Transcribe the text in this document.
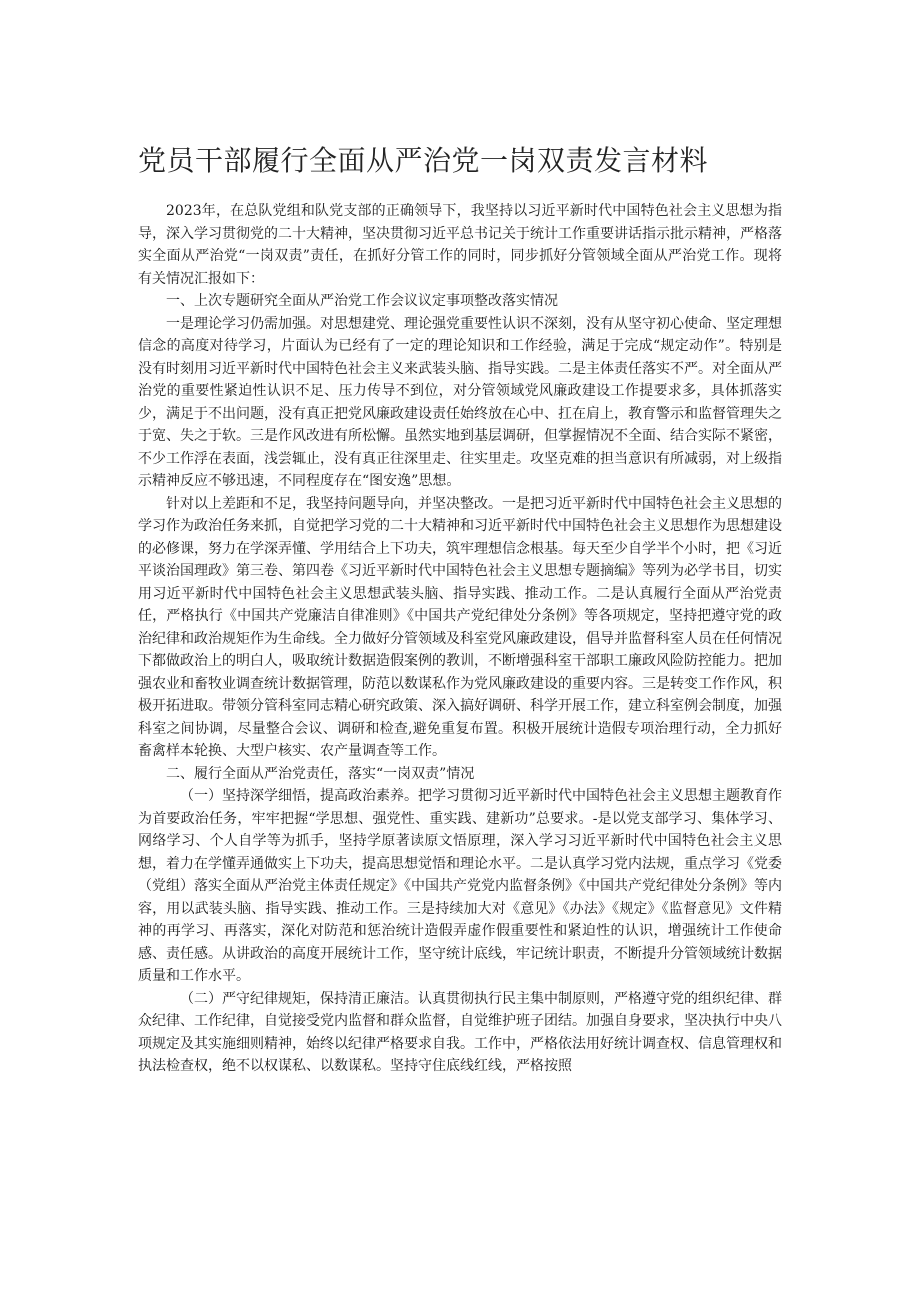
党员干部履行全面从严治党一岗双责发言材料

2023年，在总队党组和队党支部的正确领导下，我坚持以习近平新时代中国特色社会主义思想为指导，深入学习贯彻党的二十大精神，坚决贯彻习近平总书记关于统计工作重要讲话指示批示精神，严格落实全面从严治党“一岗双责”责任，在抓好分管工作的同时，同步抓好分管领域全面从严治党工作。现将有关情况汇报如下：

一、上次专题研究全面从严治党工作会议议定事项整改落实情况

一是理论学习仍需加强。对思想建党、理论强党重要性认识不深刻，没有从坚守初心使命、坚定理想信念的高度对待学习，片面认为已经有了一定的理论知识和工作经验，满足于完成“规定动作”。特别是没有时刻用习近平新时代中国特色社会主义来武装头脑、指导实践。二是主体责任落实不严。对全面从严治党的重要性紧迫性认识不足、压力传导不到位，对分管领域党风廉政建设工作提要求多，具体抓落实少，满足于不出问题，没有真正把党风廉政建设责任始终放在心中、扛在肩上，教育警示和监督管理失之于宽、失之于软。三是作风改进有所松懈。虽然实地到基层调研，但掌握情况不全面、结合实际不紧密，不少工作浮在表面，浅尝辄止，没有真正往深里走、往实里走。攻坚克难的担当意识有所减弱，对上级指示精神反应不够迅速，不同程度存在“图安逸”思想。

针对以上差距和不足，我坚持问题导向，并坚决整改。一是把习近平新时代中国特色社会主义思想的学习作为政治任务来抓，自觉把学习党的二十大精神和习近平新时代中国特色社会主义思想作为思想建设的必修课，努力在学深弄懂、学用结合上下功夫，筑牢理想信念根基。每天至少自学半个小时，把《习近平谈治国理政》第三卷、第四卷《习近平新时代中国特色社会主义思想专题摘编》等列为必学书目，切实用习近平新时代中国特色社会主义思想武装头脑、指导实践、推动工作。二是认真履行全面从严治党责任，严格执行《中国共产党廉洁自律准则》《中国共产党纪律处分条例》等各项规定，坚持把遵守党的政治纪律和政治规矩作为生命线。全力做好分管领域及科室党风廉政建设，倡导并监督科室人员在任何情况下都做政治上的明白人，吸取统计数据造假案例的教训，不断增强科室干部职工廉政风险防控能力。把加强农业和畜牧业调查统计数据管理，防范以数谋私作为党风廉政建设的重要内容。三是转变工作作风，积极开拓进取。带领分管科室同志精心研究政策、深入搞好调研、科学开展工作，建立科室例会制度，加强科室之间协调，尽量整合会议、调研和检查,避免重复布置。积极开展统计造假专项治理行动，全力抓好畜禽样本轮换、大型户核实、农产量调查等工作。

二、履行全面从严治党责任，落实“一岗双责”情况

（一）坚持深学细悟，提高政治素养。把学习贯彻习近平新时代中国特色社会主义思想主题教育作为首要政治任务，牢牢把握“学思想、强党性、重实践、建新功”总要求。-是以党支部学习、集体学习、网络学习、个人自学等为抓手，坚持学原著读原文悟原理，深入学习习近平新时代中国特色社会主义思想，着力在学懂弄通做实上下功夫，提高思想觉悟和理论水平。二是认真学习党内法规，重点学习《党委（党组）落实全面从严治党主体责任规定》《中国共产党党内监督条例》《中国共产党纪律处分条例》等内容，用以武装头脑、指导实践、推动工作。三是持续加大对《意见》《办法》《规定》《监督意见》文件精神的再学习、再落实，深化对防范和惩治统计造假弄虚作假重要性和紧迫性的认识，增强统计工作使命感、责任感。从讲政治的高度开展统计工作，坚守统计底线，牢记统计职责，不断提升分管领域统计数据质量和工作水平。

（二）严守纪律规矩，保持清正廉洁。认真贯彻执行民主集中制原则，严格遵守党的组织纪律、群众纪律、工作纪律，自觉接受党内监督和群众监督，自觉维护班子团结。加强自身要求，坚决执行中央八项规定及其实施细则精神，始终以纪律严格要求自我。工作中，严格依法用好统计调查权、信息管理权和执法检查权，绝不以权谋私、以数谋私。坚持守住底线红线，严格按照
